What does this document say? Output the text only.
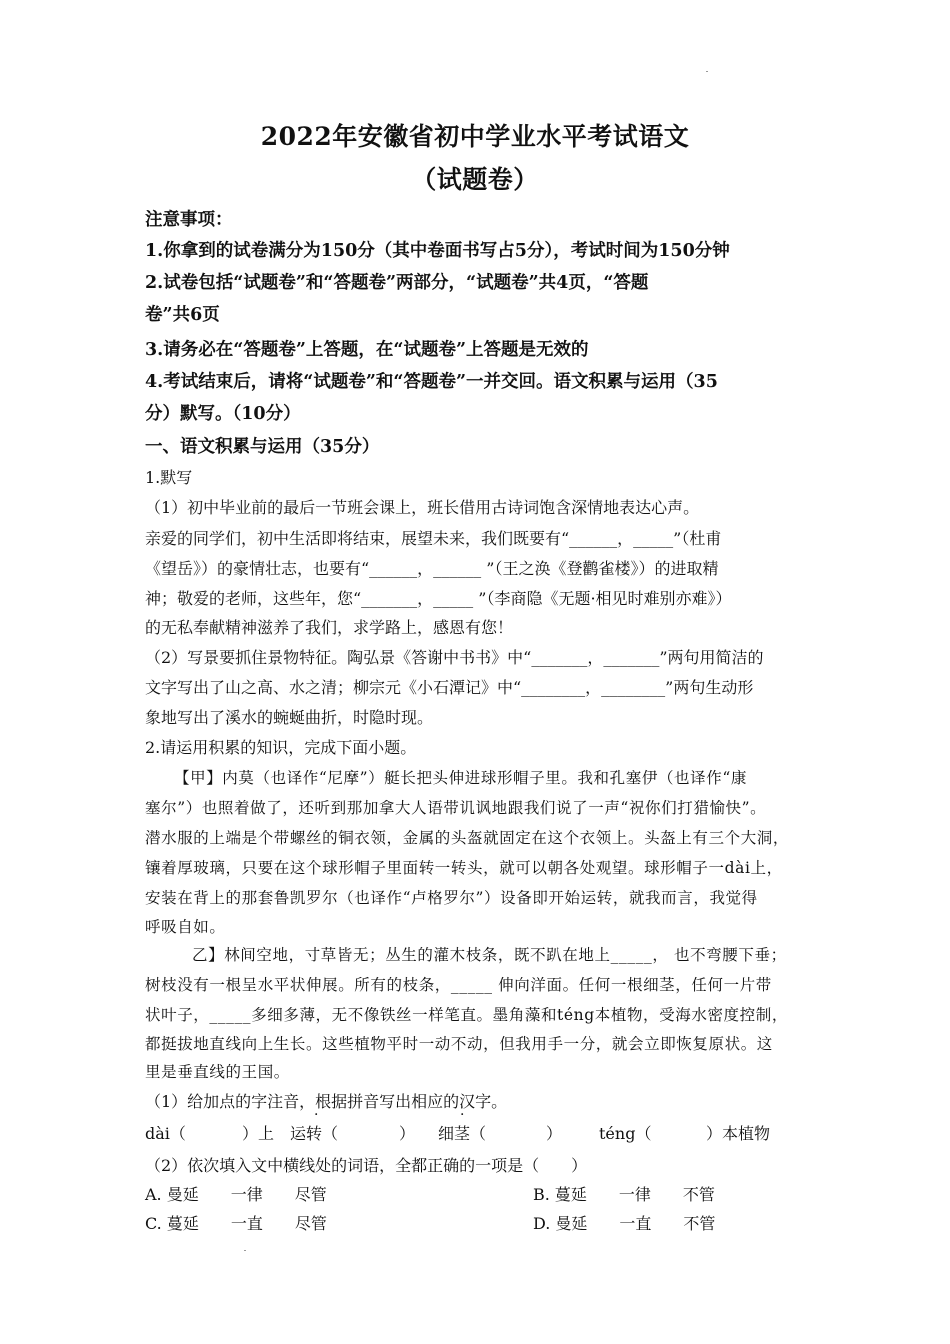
2022年安徽省初中学业水平考试语文
（试题卷）
注意事项：
1.你拿到的试卷满分为150分（其中卷面书写占5分），考试时间为150分钟
2.试卷包括“试题卷”和“答题卷”两部分，“试题卷”共4页，“答题
卷”共6页
3.请务必在“答题卷”上答题，在“试题卷”上答题是无效的
4.考试结束后，请将“试题卷”和“答题卷”一并交回。语文积累与运用（35
分）默写。（10分）
一、语文积累与运用（35分）
1.默写
（1）初中毕业前的最后一节班会课上，班长借用古诗词饱含深情地表达心声。
亲爱的同学们，初中生活即将结束，展望未来，我们既要有“______，_____”（杜甫
《望岳》）的豪情壮志，也要有“______，______ ”（王之涣《登鹳雀楼》）的进取精
神；敬爱的老师，这些年，您“_______，_____ ”（李商隐《无题·相见时难别亦难》）
的无私奉献精神滋养了我们，求学路上，感恩有您！
（2）写景要抓住景物特征。陶弘景《答谢中书书》中“_______，_______”两句用简洁的
文字写出了山之高、水之清；柳宗元《小石潭记》中“________，________”两句生动形
象地写出了溪水的蜿蜒曲折，时隐时现。
2.请运用积累的知识，完成下面小题。
【甲】内莫（也译作“尼摩”）艇长把头伸进球形帽子里。我和孔塞伊（也译作“康
塞尔”）也照着做了，还听到那加拿大人语带讥讽地跟我们说了一声“祝你们打猎愉快”。
潜水服的上端是个带螺丝的铜衣领，金属的头盔就固定在这个衣领上。头盔上有三个大洞，
镶着厚玻璃，只要在这个球形帽子里面转一转头，就可以朝各处观望。球形帽子一dài上，
安装在背上的那套鲁凯罗尔（也译作“卢格罗尔”）设备即开始运转，就我而言，我觉得
呼吸自如。
乙】林间空地，寸草皆无；丛生的灌木枝条，既不趴在地上_____， 也不弯腰下垂；
树枝没有一根呈水平状伸展。所有的枝条，_____ 伸向洋面。任何一根细茎，任何一片带
状叶子，_____多细多薄，无不像铁丝一样笔直。墨角藻和téng本植物，受海水密度控制，
都挺拔地直线向上生长。这些植物平时一动不动，但我用手一分，就会立即恢复原状。这
里是垂直线的王国。
（1）给加点的字注音，根据拼音写出相应的汉字。
dài（	）上 运转（	） 细茎（	） téng（	）本植物
·	·
（2）依次填入文中横线处的词语，全都正确的一项是（　　）
A. 曼延　　一律　　尽管	B. 蔓延　　一律　　不管
C. 蔓延　　一直　　尽管	D. 曼延　　一直　　不管
